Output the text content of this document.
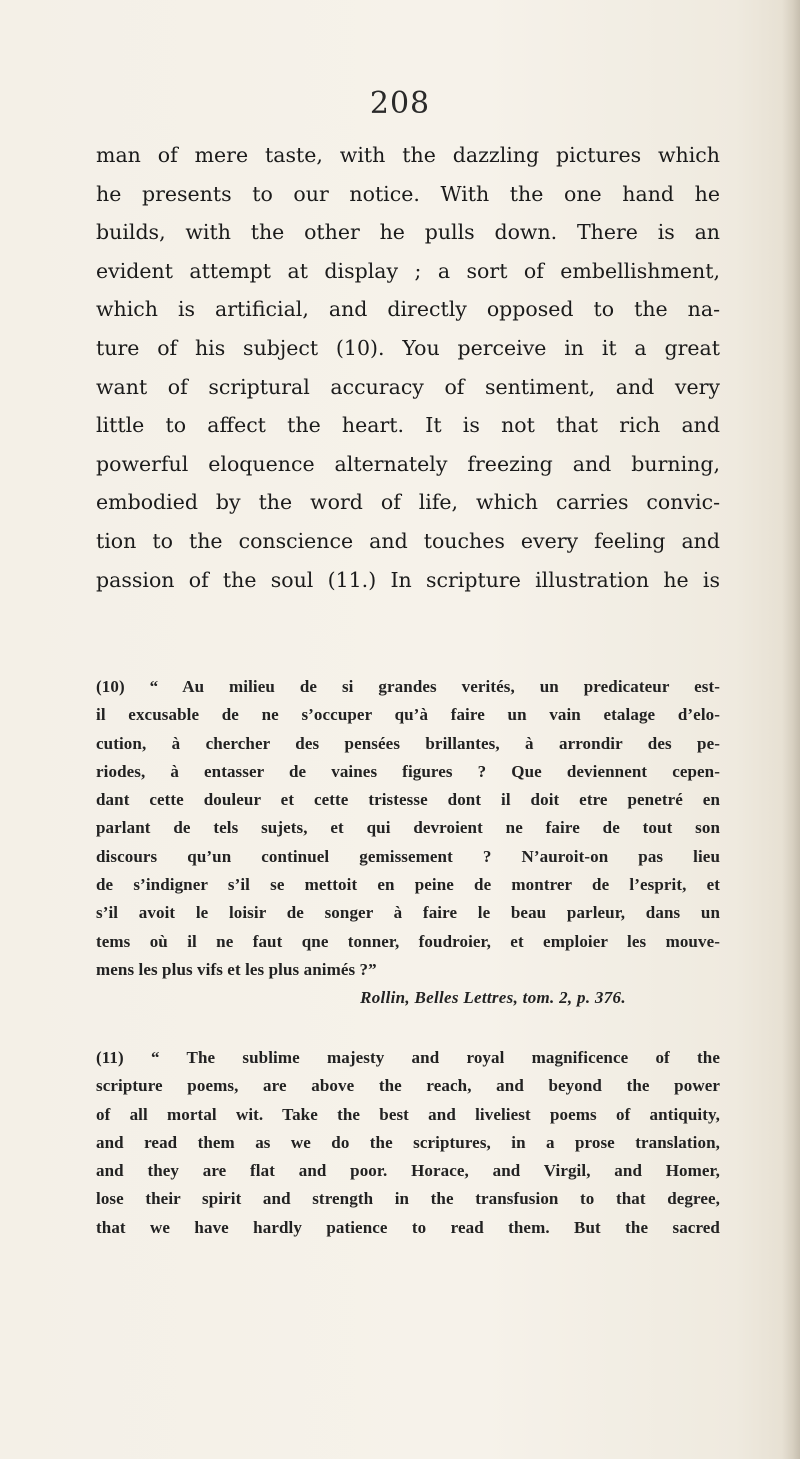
208
man of mere taste, with the dazzling pictures which
he presents to our notice. With the one hand he
builds, with the other he pulls down. There is an
evident attempt at display ; a sort of embellishment,
which is artificial, and directly opposed to the na-
ture of his subject (10). You perceive in it a great
want of scriptural accuracy of sentiment, and very
little to affect the heart. It is not that rich and
powerful eloquence alternately freezing and burning,
embodied by the word of life, which carries convic-
tion to the conscience and touches every feeling and
passion of the soul (11.) In scripture illustration he is
(10) “ Au milieu de si grandes verités, un predicateur est-
il excusable de ne s’occuper qu’à faire un vain etalage d’elo-
cution, à chercher des pensées brillantes, à arrondir des pe-
riodes, à entasser de vaines figures ? Que deviennent cepen-
dant cette douleur et cette tristesse dont il doit etre penetré en
parlant de tels sujets, et qui devroient ne faire de tout son
discours qu’un continuel gemissement ? N’auroit-on pas lieu
de s’indigner s’il se mettoit en peine de montrer de l’esprit, et
s’il avoit le loisir de songer à faire le beau parleur, dans un
tems où il ne faut qne tonner, foudroier, et emploier les mouve-
mens les plus vifs et les plus animés ?”
Rollin, Belles Lettres, tom. 2, p. 376.
(11) “ The sublime majesty and royal magnificence of the
scripture poems, are above the reach, and beyond the power
of all mortal wit. Take the best and liveliest poems of antiquity,
and read them as we do the scriptures, in a prose translation,
and they are flat and poor. Horace, and Virgil, and Homer,
lose their spirit and strength in the transfusion to that degree,
that we have hardly patience to read them. But the sacred
